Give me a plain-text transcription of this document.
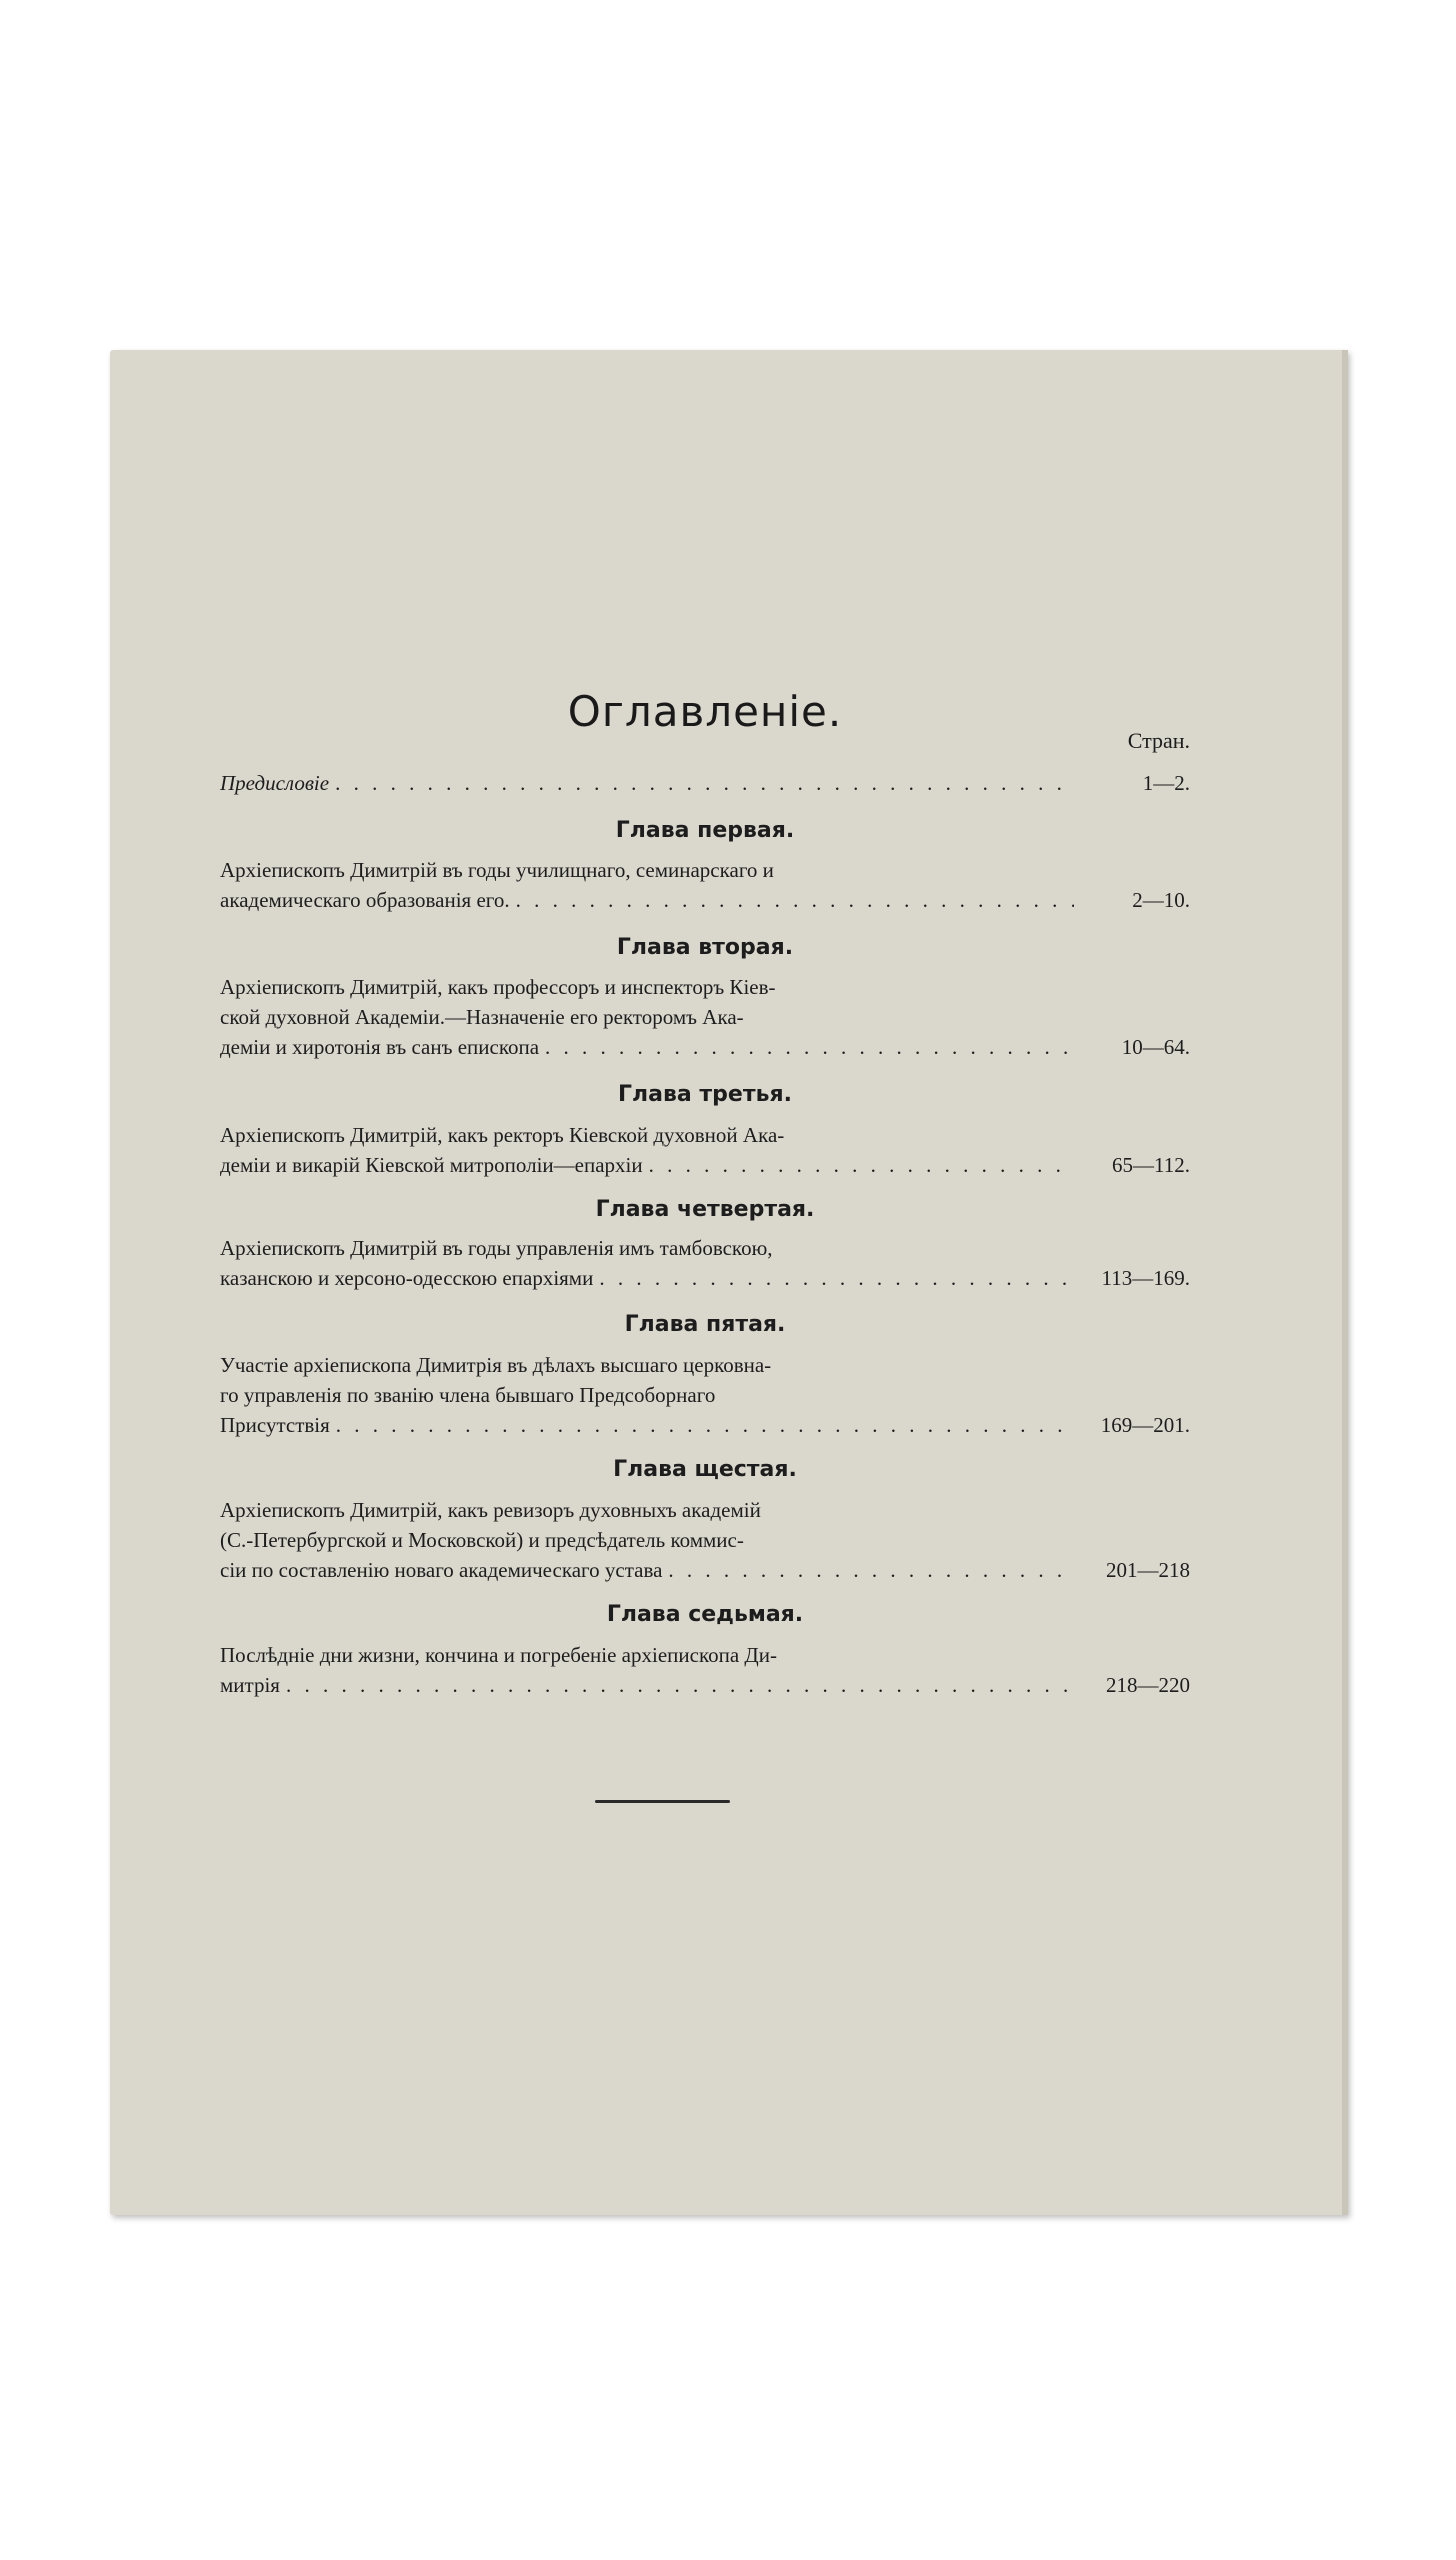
Оглавленіе.
Стран.
Предисловіе . . .	1—2.
Глава первая.
Архіепископъ Димитрій въ годы училищнаго, семинарскаго и
академическаго образованія его. . . .	2—10.
Глава вторая.
Архіепископъ Димитрій, какъ профессоръ и инспекторъ Кіев-
ской духовной Академіи.—Назначеніе его ректоромъ Ака-
деміи и хиротонія въ санъ епископа . . .	10—64.
Глава третья.
Архіепископъ Димитрій, какъ ректоръ Кіевской духовной Ака-
деміи и викарій Кіевской митрополіи—епархіи . . .	65—112.
Глава четвертая.
Архіепископъ Димитрій въ годы управленія имъ тамбовскою,
казанскою и херсоно-одесскою епархіями . . .	113—169.
Глава пятая.
Участіе архіепископа Димитрія въ дѣлахъ высшаго церковна-
го управленія по званію члена бывшаго Предсоборнаго
Присутствія . . .	169—201.
Глава щестая.
Архіепископъ Димитрій, какъ ревизоръ духовныхъ академій
(С.-Петербургской и Московской) и предсѣдатель коммис-
сіи по составленію новаго академическаго устава . . .	201—218
Глава седьмая.
Послѣдніе дни жизни, кончина и погребеніе архіепископа Ди-
митрія . . .	218—220
